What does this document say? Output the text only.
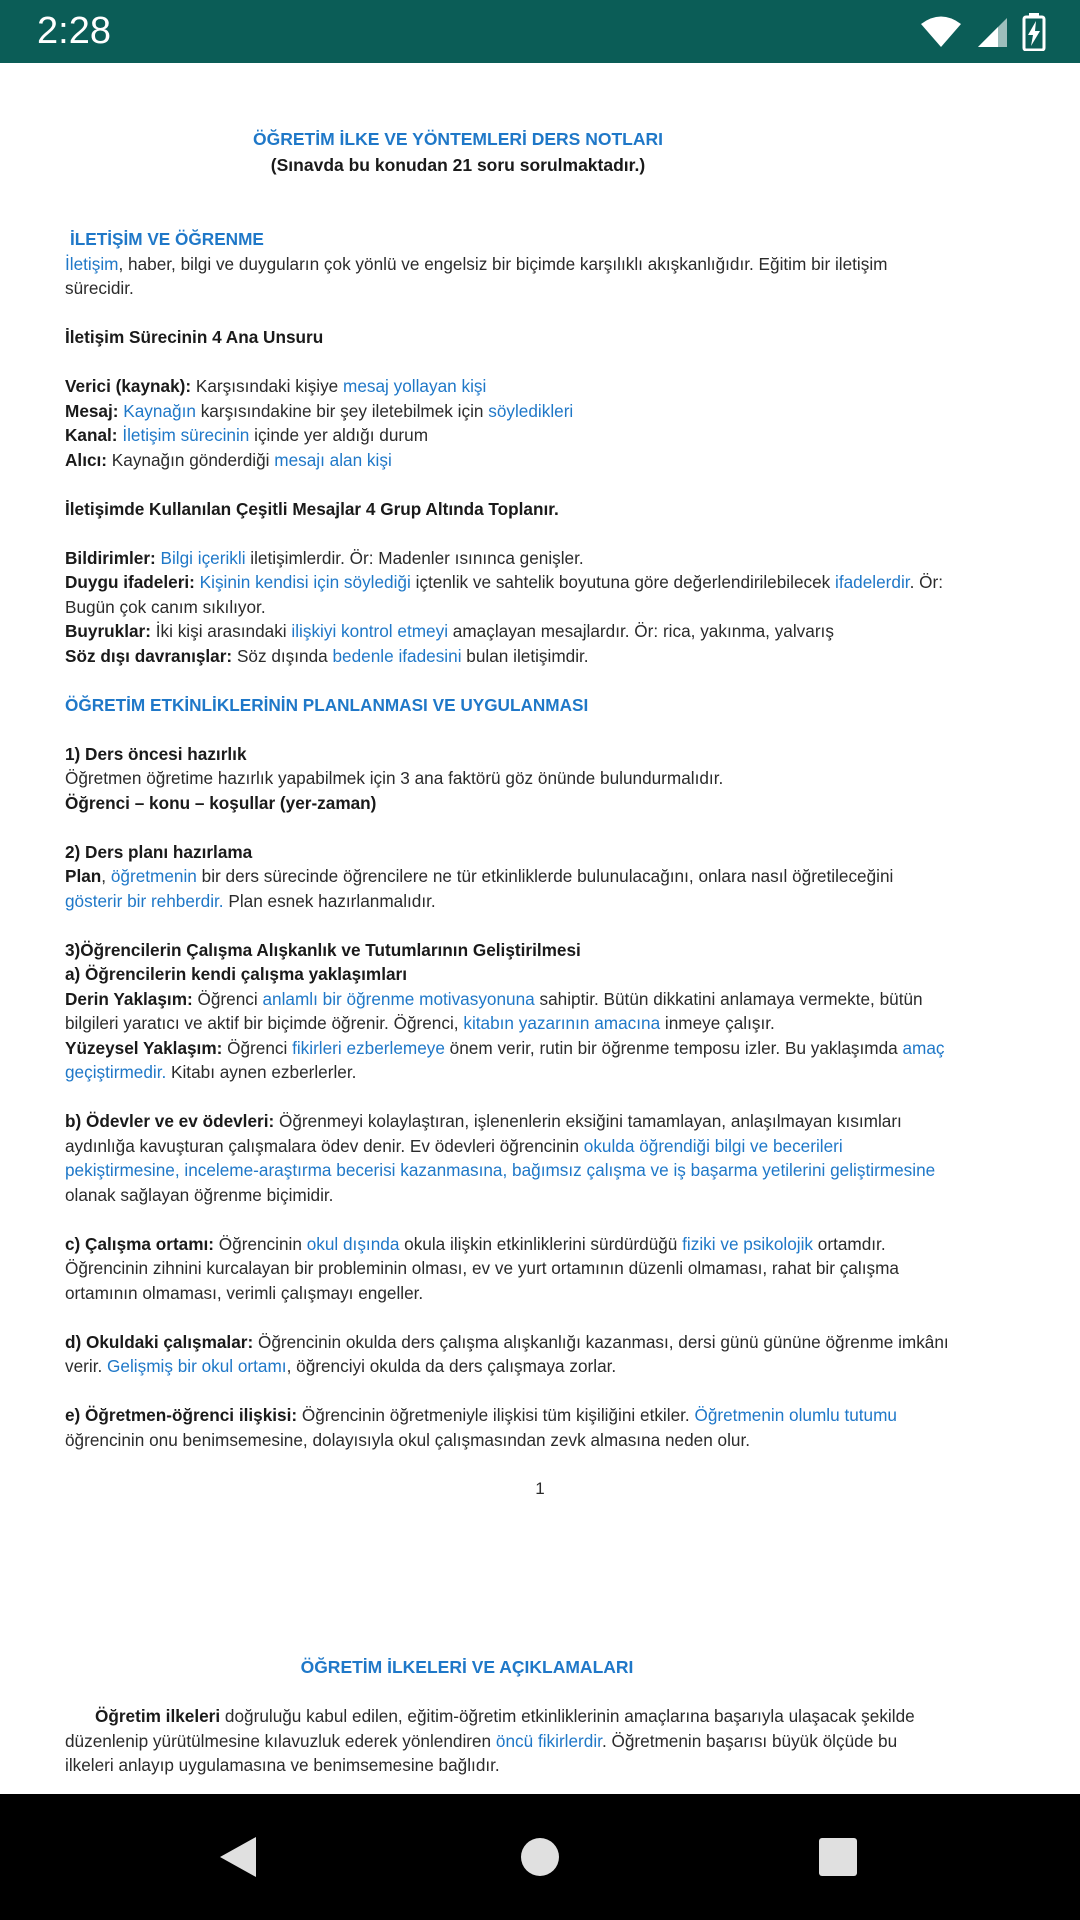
2:28
ÖĞRETİM İLKE VE YÖNTEMLERİ DERS NOTLARI
(Sınavda bu konudan 21 soru sorulmaktadır.)
İLETİŞİM VE ÖĞRENME
İletişim, haber, bilgi ve duyguların çok yönlü ve engelsiz bir biçimde karşılıklı akışkanlığıdır. Eğitim bir iletişim
sürecidir.
İletişim Sürecinin 4 Ana Unsuru
Verici (kaynak): Karşısındaki kişiye mesaj yollayan kişi
Mesaj: Kaynağın karşısındakine bir şey iletebilmek için söyledikleri
Kanal: İletişim sürecinin içinde yer aldığı durum
Alıcı: Kaynağın gönderdiği mesajı alan kişi
İletişimde Kullanılan Çeşitli Mesajlar 4 Grup Altında Toplanır.
Bildirimler: Bilgi içerikli iletişimlerdir. Ör: Madenler ısınınca genişler.
Duygu ifadeleri: Kişinin kendisi için söylediği içtenlik ve sahtelik boyutuna göre değerlendirilebilecek ifadelerdir. Ör:
Bugün çok canım sıkılıyor.
Buyruklar: İki kişi arasındaki ilişkiyi kontrol etmeyi amaçlayan mesajlardır. Ör: rica, yakınma, yalvarış
Söz dışı davranışlar: Söz dışında bedenle ifadesini bulan iletişimdir.
ÖĞRETİM ETKİNLİKLERİNİN PLANLANMASI VE UYGULANMASI
1) Ders öncesi hazırlık
Öğretmen öğretime hazırlık yapabilmek için 3 ana faktörü göz önünde bulundurmalıdır.
Öğrenci – konu – koşullar (yer-zaman)
2) Ders planı hazırlama
Plan, öğretmenin bir ders sürecinde öğrencilere ne tür etkinliklerde bulunulacağını, onlara nasıl öğretileceğini
gösterir bir rehberdir. Plan esnek hazırlanmalıdır.
3)Öğrencilerin Çalışma Alışkanlık ve Tutumlarının Geliştirilmesi
a) Öğrencilerin kendi çalışma yaklaşımları
Derin Yaklaşım: Öğrenci anlamlı bir öğrenme motivasyonuna sahiptir. Bütün dikkatini anlamaya vermekte, bütün
bilgileri yaratıcı ve aktif bir biçimde öğrenir. Öğrenci, kitabın yazarının amacına inmeye çalışır.
Yüzeysel Yaklaşım: Öğrenci fikirleri ezberlemeye önem verir, rutin bir öğrenme temposu izler. Bu yaklaşımda amaç
geçiştirmedir. Kitabı aynen ezberlerler.
b) Ödevler ve ev ödevleri: Öğrenmeyi kolaylaştıran, işlenenlerin eksiğini tamamlayan, anlaşılmayan kısımları
aydınlığa kavuşturan çalışmalara ödev denir. Ev ödevleri öğrencinin okulda öğrendiği bilgi ve becerileri
pekiştirmesine, inceleme-araştırma becerisi kazanmasına, bağımsız çalışma ve iş başarma yetilerini geliştirmesine
olanak sağlayan öğrenme biçimidir.
c) Çalışma ortamı: Öğrencinin okul dışında okula ilişkin etkinliklerini sürdürdüğü fiziki ve psikolojik ortamdır.
Öğrencinin zihnini kurcalayan bir probleminin olması, ev ve yurt ortamının düzenli olmaması, rahat bir çalışma
ortamının olmaması, verimli çalışmayı engeller.
d) Okuldaki çalışmalar: Öğrencinin okulda ders çalışma alışkanlığı kazanması, dersi günü gününe öğrenme imkânı
verir. Gelişmiş bir okul ortamı, öğrenciyi okulda da ders çalışmaya zorlar.
e) Öğretmen-öğrenci ilişkisi: Öğrencinin öğretmeniyle ilişkisi tüm kişiliğini etkiler. Öğretmenin olumlu tutumu
öğrencinin onu benimsemesine, dolayısıyla okul çalışmasından zevk almasına neden olur.
1
ÖĞRETİM İLKELERİ VE AÇIKLAMALARI
Öğretim ilkeleri doğruluğu kabul edilen, eğitim-öğretim etkinliklerinin amaçlarına başarıyla ulaşacak şekilde
düzenlenip yürütülmesine kılavuzluk ederek yönlendiren öncü fikirlerdir. Öğretmenin başarısı büyük ölçüde bu
ilkeleri anlayıp uygulamasına ve benimsemesine bağlıdır.
